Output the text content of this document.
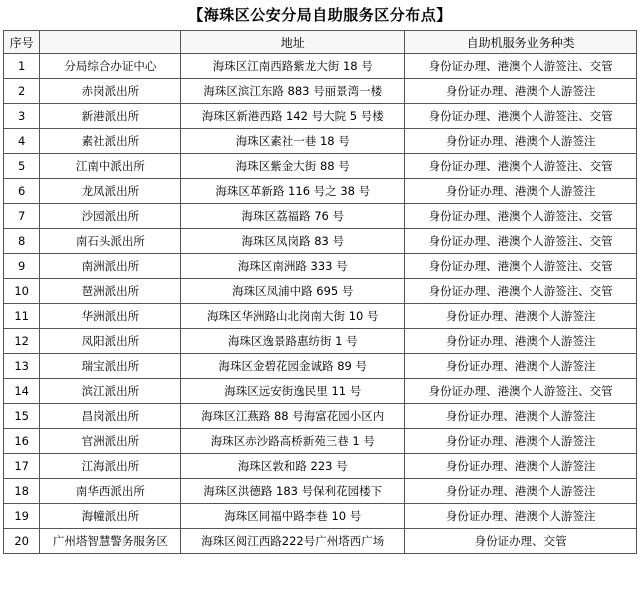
【海珠区公安分局自助服务区分布点】
序号		地址	自助机服务业务种类
1	分局综合办证中心	海珠区江南西路紫龙大街 18 号	身份证办理、港澳个人游签注、交管
2	赤岗派出所	海珠区滨江东路 883 号丽景湾一楼	身份证办理、港澳个人游签注
3	新港派出所	海珠区新港西路 142 号大院 5 号楼	身份证办理、港澳个人游签注、交管
4	素社派出所	海珠区素社一巷 18 号	身份证办理、港澳个人游签注
5	江南中派出所	海珠区紫金大街 88 号	身份证办理、港澳个人游签注、交管
6	龙凤派出所	海珠区革新路 116 号之 38 号	身份证办理、港澳个人游签注
7	沙园派出所	海珠区荔福路 76 号	身份证办理、港澳个人游签注、交管
8	南石头派出所	海珠区凤岗路 83 号	身份证办理、港澳个人游签注、交管
9	南洲派出所	海珠区南洲路 333 号	身份证办理、港澳个人游签注、交管
10	琶洲派出所	海珠区凤浦中路 695 号	身份证办理、港澳个人游签注、交管
11	华洲派出所	海珠区华洲路山北岗南大街 10 号	身份证办理、港澳个人游签注
12	凤阳派出所	海珠区逸景路惠纺街 1 号	身份证办理、港澳个人游签注
13	瑞宝派出所	海珠区金碧花园金诚路 89 号	身份证办理、港澳个人游签注
14	滨江派出所	海珠区远安街逸民里 11 号	身份证办理、港澳个人游签注、交管
15	昌岗派出所	海珠区江燕路 88 号海富花园小区内	身份证办理、港澳个人游签注
16	官洲派出所	海珠区赤沙路高桥新苑三巷 1 号	身份证办理、港澳个人游签注
17	江海派出所	海珠区敦和路 223 号	身份证办理、港澳个人游签注
18	南华西派出所	海珠区洪德路 183 号保利花园楼下	身份证办理、港澳个人游签注
19	海幢派出所	海珠区同福中路李巷 10 号	身份证办理、港澳个人游签注
20	广州塔智慧警务服务区	海珠区阅江西路222号广州塔西广场	身份证办理、交管
